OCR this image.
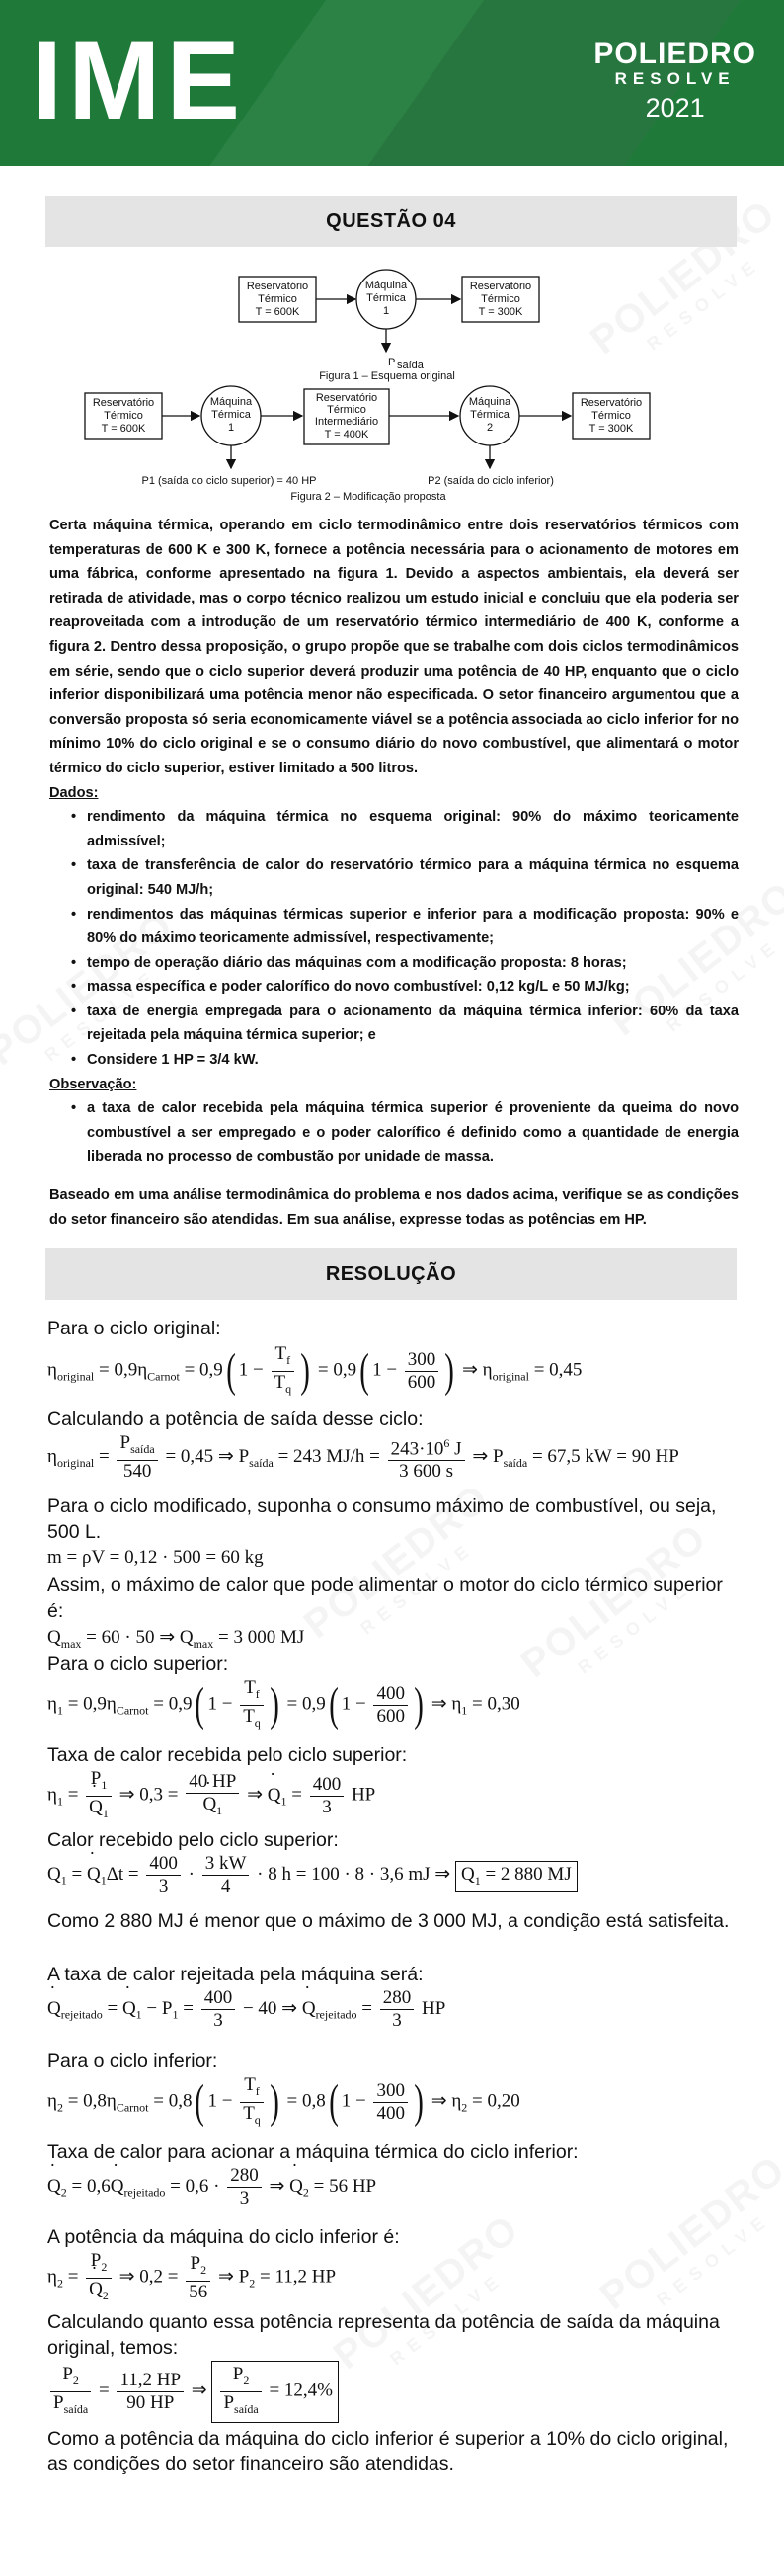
IME	POLIEDRO
RESOLVE
2021
QUESTÃO 04
Reservatório
Térmico
T = 600K
Máquina
Térmica
1
Reservatório
Térmico
T = 300K
P saída
Figura 1 – Esquema original
Reservatório
Térmico
T = 600K
Máquina
Térmica
1
Reservatório
Térmico
Intermediário
T = 400K
Máquina
Térmica
2
Reservatório
Térmico
T = 300K
P1 (saída do ciclo superior) = 40 HP	P2 (saída do ciclo inferior)
Figura 2 – Modificação proposta

Certa máquina térmica, operando em ciclo termodinâmico entre dois reservatórios térmicos com temperaturas de 600 K e 300 K, fornece a potência necessária para o acionamento de motores em uma fábrica, conforme apresentado na figura 1. Devido a aspectos ambientais, ela deverá ser retirada de atividade, mas o corpo técnico realizou um estudo inicial e concluiu que ela poderia ser reaproveitada com a introdução de um reservatório térmico intermediário de 400 K, conforme a figura 2. Dentro dessa proposição, o grupo propõe que se trabalhe com dois ciclos termodinâmicos em série, sendo que o ciclo superior deverá produzir uma potência de 40 HP, enquanto que o ciclo inferior disponibilizará uma potência menor não especificada. O setor financeiro argumentou que a conversão proposta só seria economicamente viável se a potência associada ao ciclo inferior for no mínimo 10% do ciclo original e se o consumo diário do novo combustível, que alimentará o motor térmico do ciclo superior, estiver limitado a 500 litros.

Dados:

• rendimento da máquina térmica no esquema original: 90% do máximo teoricamente admissível;
• taxa de transferência de calor do reservatório térmico para a máquina térmica no esquema original: 540 MJ/h;
• rendimentos das máquinas térmicas superior e inferior para a modificação proposta: 90% e 80% do máximo teoricamente admissível, respectivamente;
• tempo de operação diário das máquinas com a modificação proposta: 8 horas;
• massa específica e poder calorífico do novo combustível: 0,12 kg/L e 50 MJ/kg;
• taxa de energia empregada para o acionamento da máquina térmica inferior: 60% da taxa rejeitada pela máquina térmica superior; e
• Considere 1 HP = 3/4 kW.

Observação:

• a taxa de calor recebida pela máquina térmica superior é proveniente da queima do novo combustível a ser empregado e o poder calorífico é definido como a quantidade de energia liberada no processo de combustão por unidade de massa.

Baseado em uma análise termodinâmica do problema e nos dados acima, verifique se as condições do setor financeiro são atendidas. Em sua análise, expresse todas as potências em HP.

RESOLUÇÃO
Para o ciclo original:
$\eta_{original} = 0,9\eta_{Carnot} = 0,9$( $1 - \frac{T_f}{T_q}$ ) = 0,9( $1 - \frac{300}{600}$ ) ⇒ $\eta_{original} = 0,45$
Calculando a potência de saída desse ciclo:
$\eta_{original} = \frac{P_{saída}}{540} = 0,45$ ⇒ $P_{saída} = 243$ $MJ/h = \frac{243\cdot 10^6 J}{3 600 s}$ ⇒ $P_{saída} = 67,5$ kW = 90 HP
Para o ciclo modificado, suponha o consumo máximo de combustível, ou seja,
500 L.
m = ρV = 0,12 · 500 = 60 kg
Assim, o máximo de calor que pode alimentar o motor do ciclo térmico superior
é:
$Q_{max} = 60 \cdot 50$ ⇒ $Q_{max} = 3$ 000 MJ
Para o ciclo superior:
$\eta_1 = 0,9\eta_{Carnot} = 0,9$( $1 - \frac{T_f}{T_q}$ ) = 0,9( $1 - \frac{400}{600}$ ) ⇒ $\eta_1 = 0,30$
Taxa de calor recebida pelo ciclo superior:
$\eta_1 = P_1$
˙ $Q_1$ ⇒ 0,3 = 40 HP
˙ $Q_1$ ⇒ ˙ $Q_1 = \frac{400}{3}$ HP
Calor recebido pelo ciclo superior:
$Q_1$ = ˙ $Q_1\Delta t = \frac{400}{3} \cdot \frac{3 kW}{4} \cdot 8$ h = 100 · 8 · 3,6 mJ ⇒ $Q_1 = 2$ 880 MJ
Como 2 880 MJ é menor que o máximo de 3 000 MJ, a condição está satisfeita.
A taxa de calor rejeitada pela máquina será:
˙ $Q_{rejeitado}$ = ˙ $Q_1 - P_1 = \frac{400}{3} - 40$ ⇒ ˙ $Q_{rejeitado} = \frac{280}{3}$ HP
Para o ciclo inferior:
$\eta_2 = 0,8\eta_{Carnot} = 0,8$( $1 - \frac{T_f}{T_q}$ ) = 0,8( $1 - \frac{300}{400}$ ) ⇒ $\eta_2 = 0,20$
Taxa de calor para acionar a máquina térmica do ciclo inferior:
˙ $Q_2$ = 0,6˙ $Q_{rejeitado} = 0,6 \cdot \frac{280}{3}$ ⇒ ˙ $Q_2 = 56$ HP
A potência da máquina do ciclo inferior é:
$\eta_2 = P_2$
˙ $Q_2$ ⇒ $0,2 = \frac{P_2}{56}$ ⇒ $P_2 = 11,2$ HP
Calculando quanto essa potência representa da potência de saída da máquina
original, temos:
$\frac{P_2}{P_{saída}} = \frac{11,2 HP}{90 HP}$ ⇒ $\frac{P_2}{P_{saída}} = 12,4\%$
Como a potência da máquina do ciclo inferior é superior a 10% do ciclo original,
as condições do setor financeiro são atendidas.
